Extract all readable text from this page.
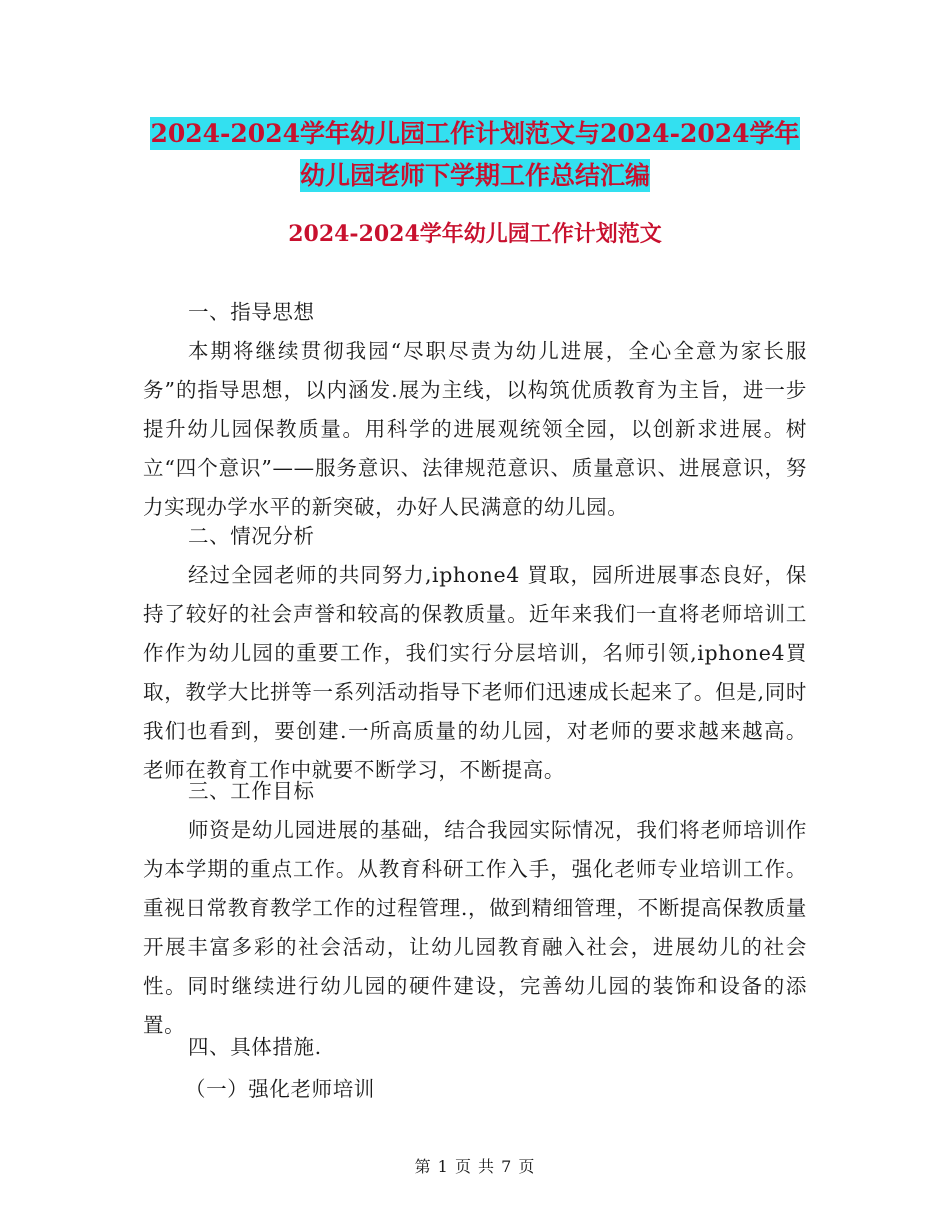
2024-2024学年幼儿园工作计划范文与2024-2024学年
幼儿园老师下学期工作总结汇编
2024-2024学年幼儿园工作计划范文

一、指导思想

本期将继续贯彻我园“尽职尽责为幼儿进展，全心全意为家长服务”的指导思想，以内涵发.展为主线，以构筑优质教育为主旨，进一步提升幼儿园保教质量。用科学的进展观统领全园，以创新求进展。树立“四个意识”——服务意识、法律规范意识、质量意识、进展意识，努力实现办学水平的新突破，办好人民满意的幼儿园。

二、情况分析

经过全园老师的共同努力,iphone4 買取，园所进展事态良好，保持了较好的社会声誉和较高的保教质量。近年来我们一直将老师培训工作作为幼儿园的重要工作，我们实行分层培训，名师引领,iphone4買取，教学大比拼等一系列活动指导下老师们迅速成长起来了。但是,同时我们也看到，要创建.一所高质量的幼儿园，对老师的要求越来越高。 老师在教育工作中就要不断学习，不断提高。

三、工作目标

师资是幼儿园进展的基础，结合我园实际情况，我们将老师培训作为本学期的重点工作。从教育科研工作入手，强化老师专业培训工作。重视日常教育教学工作的过程管理.，做到精细管理，不断提高保教质量开展丰富多彩的社会活动，让幼儿园教育融入社会，进展幼儿的社会性。同时继续进行幼儿园的硬件建设，完善幼儿园的装饰和设备的添置。

四、具体措施.

（一）强化老师培训

第 1 页 共 7 页
